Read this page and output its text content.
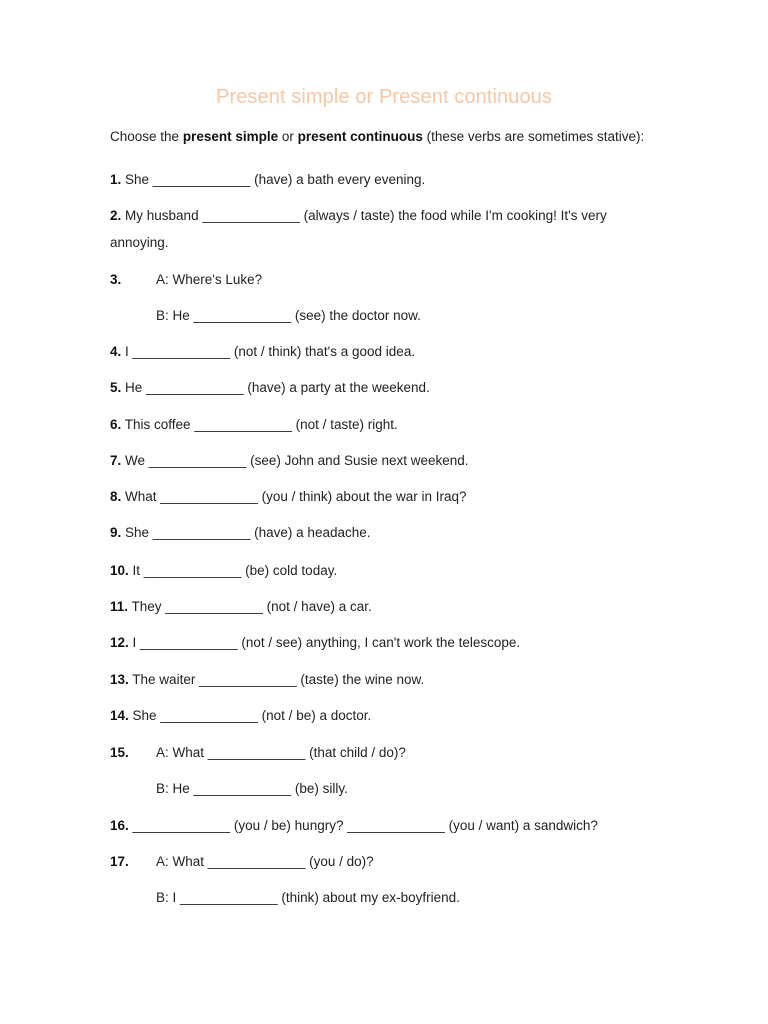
Present simple or Present continuous
Choose the present simple or present continuous (these verbs are sometimes stative):
1. She _____________ (have) a bath every evening.
2. My husband _____________ (always / taste) the food while I'm cooking! It's very
annoying.
3.	A: Where's Luke?
B: He _____________ (see) the doctor now.
4. I _____________ (not / think) that's a good idea.
5. He _____________ (have) a party at the weekend.
6. This coffee _____________ (not / taste) right.
7. We _____________ (see) John and Susie next weekend.
8. What _____________ (you / think) about the war in Iraq?
9. She _____________ (have) a headache.
10. It _____________ (be) cold today.
11. They _____________ (not / have) a car.
12. I _____________ (not / see) anything, I can't work the telescope.
13. The waiter _____________ (taste) the wine now.
14. She _____________ (not / be) a doctor.
15. A: What _____________ (that child / do)?
B: He _____________ (be) silly.
16. _____________ (you / be) hungry? _____________ (you / want) a sandwich?
17. A: What _____________ (you / do)?
B: I _____________ (think) about my ex-boyfriend.
